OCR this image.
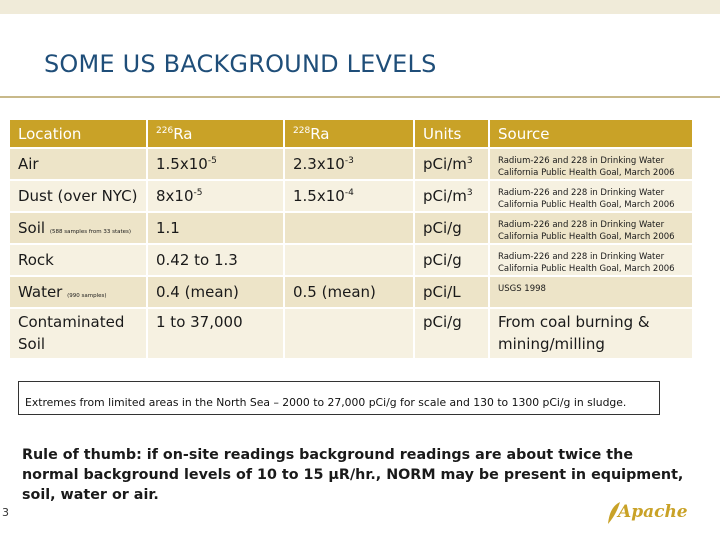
SOME US BACKGROUND LEVELS
Location	$^{226}$Ra	$^{228}$Ra	Units	Source
Air	$1.5x10^{-5}$	$2.3x10^{-3}$	pCi/$m^3$	Radium-226 and 228 in Drinking Water
California Public Health Goal, March 2006

Dust (over NYC)	$8x10^{-5}$	$1.5x10^{-4}$	pCi/$m^3$	Radium-226 and 228 in Drinking Water
California Public Health Goal, March 2006

Soil (588 samples from 33 states)	1.1		pCi/g	Radium-226 and 228 in Drinking Water
California Public Health Goal, March 2006

Rock	0.42 to 1.3		pCi/g	Radium-226 and 228 in Drinking Water
California Public Health Goal, March 2006

Water (990 samples)	0.4 (mean)	0.5 (mean)	pCi/L	USGS 1998

Contaminated Soil	1 to 37,000		pCi/g	From coal burning & mining/milling
Extremes from limited areas in the North Sea – 2000 to 27,000 pCi/g for scale and 130 to 1300 pCi/g in sludge.
Rule of thumb: if on-site readings background readings are about twice the normal background levels of 10 to 15 µR/hr., NORM may be present in equipment, soil, water or air.
3	Apache
